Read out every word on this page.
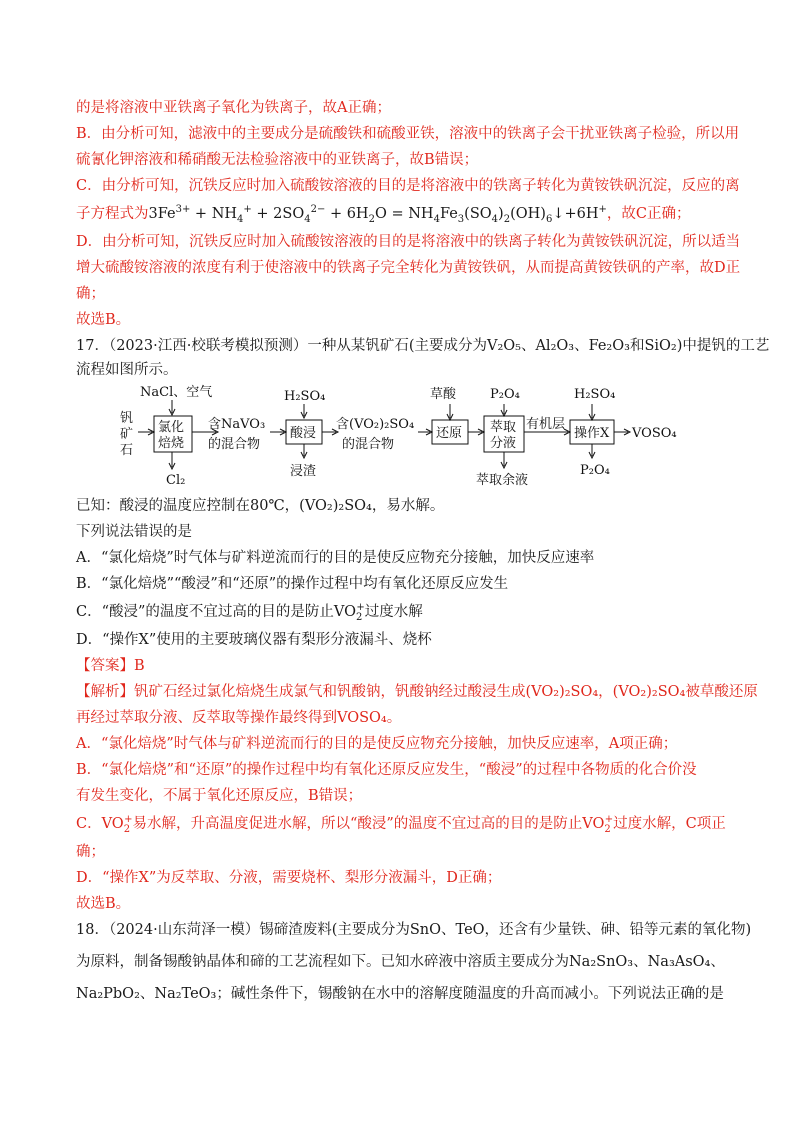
的是将溶液中亚铁离子氧化为铁离子，故A正确；
B．由分析可知，滤液中的主要成分是硫酸铁和硫酸亚铁，溶液中的铁离子会干扰亚铁离子检验，所以用
硫氰化钾溶液和稀硝酸无法检验溶液中的亚铁离子，故B错误；
C．由分析可知，沉铁反应时加入硫酸铵溶液的目的是将溶液中的铁离子转化为黄铵铁矾沉淀，反应的离
子方程式为$3Fe^{3+} + NH_4^+ + 2SO_4^{2-} + 6H_2O$ = $NH_4Fe_3(SO_4)_2(OH)_6↓+6H^+$，故C正确；
D．由分析可知，沉铁反应时加入硫酸铵溶液的目的是将溶液中的铁离子转化为黄铵铁矾沉淀，所以适当
增大硫酸铵溶液的浓度有利于使溶液中的铁离子完全转化为黄铵铁矾，从而提高黄铵铁矾的产率，故D正
确；
故选B。
17．（2023·江西·校联考模拟预测）一种从某钒矿石(主要成分为V₂O₅、Al₂O₃、Fe₂O₃和SiO₂)中提钒的工艺
流程如图所示。
NaCl、空气
钒
矿
石
氯化
焙烧
Cl₂
含NaVO₃
的混合物
H₂SO₄
酸浸
浸渣
含(VO₂)₂SO₄
的混合物
草酸
还原
P₂O₄
萃取
分液
萃取余液
有机层
H₂SO₄
操作X VOSO₄
P₂O₄
已知：酸浸的温度应控制在80℃，(VO₂)₂SO₄，易水解。
下列说法错误的是
A．“氯化焙烧”时气体与矿料逆流而行的目的是使反应物充分接触，加快反应速率
B．“氯化焙烧”“酸浸”和“还原”的操作过程中均有氧化还原反应发生
C．“酸浸”的温度不宜过高的目的是防止$VO_2^+$过度水解
D．“操作X”使用的主要玻璃仪器有梨形分液漏斗、烧杯
【答案】B
【解析】钒矿石经过氯化焙烧生成氯气和钒酸钠，钒酸钠经过酸浸生成(VO₂)₂SO₄，(VO₂)₂SO₄被草酸还原
再经过萃取分液、反萃取等操作最终得到VOSO₄。
A．“氯化焙烧”时气体与矿料逆流而行的目的是使反应物充分接触，加快反应速率，A项正确；
B．“氯化焙烧”和“还原”的操作过程中均有氧化还原反应发生，“酸浸”的过程中各物质的化合价没
有发生变化，不属于氧化还原反应，B错误；
C．$VO_2^+$易水解，升高温度促进水解，所以“酸浸”的温度不宜过高的目的是防止$VO_2^+$过度水解，C项正
确；
D．“操作X”为反萃取、分液，需要烧杯、梨形分液漏斗，D正确；
故选B。
18．（2024·山东菏泽一模）锡碲渣废料(主要成分为SnO、TeO，还含有少量铁、砷、铅等元素的氧化物)
为原料，制备锡酸钠晶体和碲的工艺流程如下。已知水碎液中溶质主要成分为Na₂SnO₃、Na₃AsO₄、
Na₂PbO₂、Na₂TeO₃；碱性条件下，锡酸钠在水中的溶解度随温度的升高而减小。下列说法正确的是
